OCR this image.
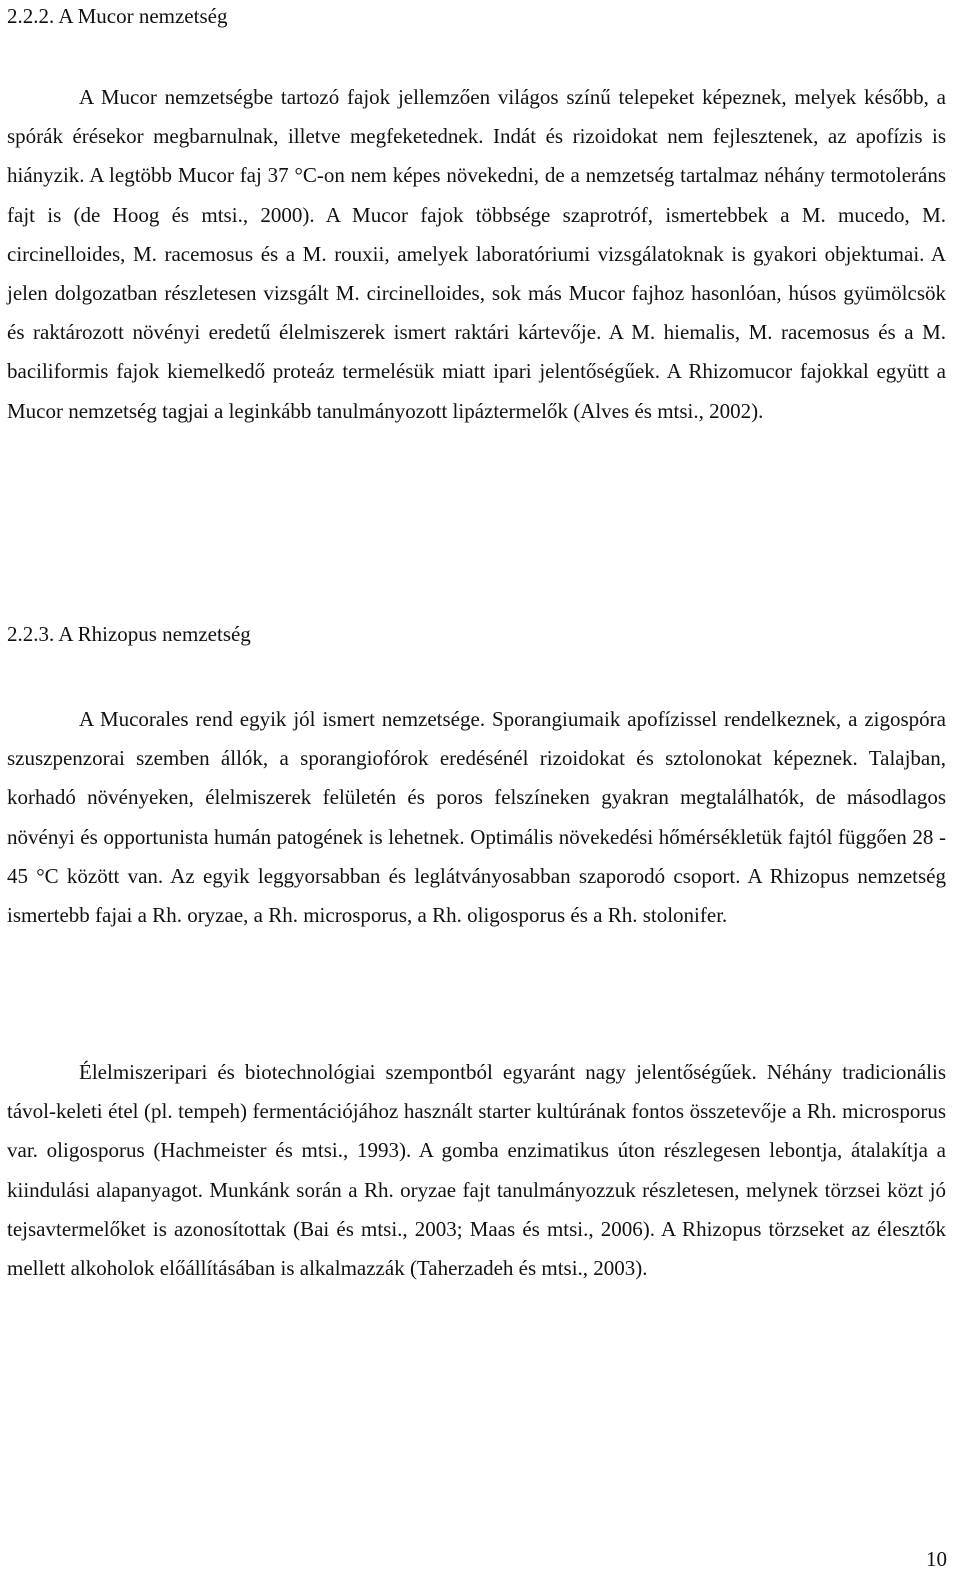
2.2.2. A Mucor nemzetség

A Mucor nemzetségbe tartozó fajok jellemzően világos színű telepeket képeznek, melyek később, a spórák érésekor megbarnulnak, illetve megfeketednek. Indát és rizoidokat nem fejlesztenek, az apofízis is hiányzik. A legtöbb Mucor faj 37 °C-on nem képes növekedni, de a nemzetség tartalmaz néhány termotoleráns fajt is (de Hoog és mtsi., 2000). A Mucor fajok többsége szaprotróf, ismertebbek a M. mucedo, M. circinelloides, M. racemosus és a M. rouxii, amelyek laboratóriumi vizsgálatoknak is gyakori objektumai. A jelen dolgozatban részletesen vizsgált M. circinelloides, sok más Mucor fajhoz hasonlóan, húsos gyümölcsök és raktározott növényi eredetű élelmiszerek ismert raktári kártevője. A M. hiemalis, M. racemosus és a M. baciliformis fajok kiemelkedő proteáz termelésük miatt ipari jelentőségűek. A Rhizomucor fajokkal együtt a Mucor nemzetség tagjai a leginkább tanulmányozott lipáztermelők (Alves és mtsi., 2002).

2.2.3. A Rhizopus nemzetség

A Mucorales rend egyik jól ismert nemzetsége. Sporangiumaik apofízissel rendelkeznek, a zigospóra szuszpenzorai szemben állók, a sporangiofórok eredésénél rizoidokat és sztolonokat képeznek. Talajban, korhadó növényeken, élelmiszerek felületén és poros felszíneken gyakran megtalálhatók, de másodlagos növényi és opportunista humán patogének is lehetnek. Optimális növekedési hőmérsékletük fajtól függően 28 - 45 °C között van. Az egyik leggyorsabban és leglátványosabban szaporodó csoport. A Rhizopus nemzetség ismertebb fajai a Rh. oryzae, a Rh. microsporus, a Rh. oligosporus és a Rh. stolonifer.

Élelmiszeripari és biotechnológiai szempontból egyaránt nagy jelentőségűek. Néhány tradicionális távol-keleti étel (pl. tempeh) fermentációjához használt starter kultúrának fontos összetevője a Rh. microsporus var. oligosporus (Hachmeister és mtsi., 1993). A gomba enzimatikus úton részlegesen lebontja, átalakítja a kiindulási alapanyagot. Munkánk során a Rh. oryzae fajt tanulmányozzuk részletesen, melynek törzsei közt jó tejsavtermelőket is azonosítottak (Bai és mtsi., 2003; Maas és mtsi., 2006). A Rhizopus törzseket az élesztők mellett alkoholok előállításában is alkalmazzák (Taherzadeh és mtsi., 2003).

10
